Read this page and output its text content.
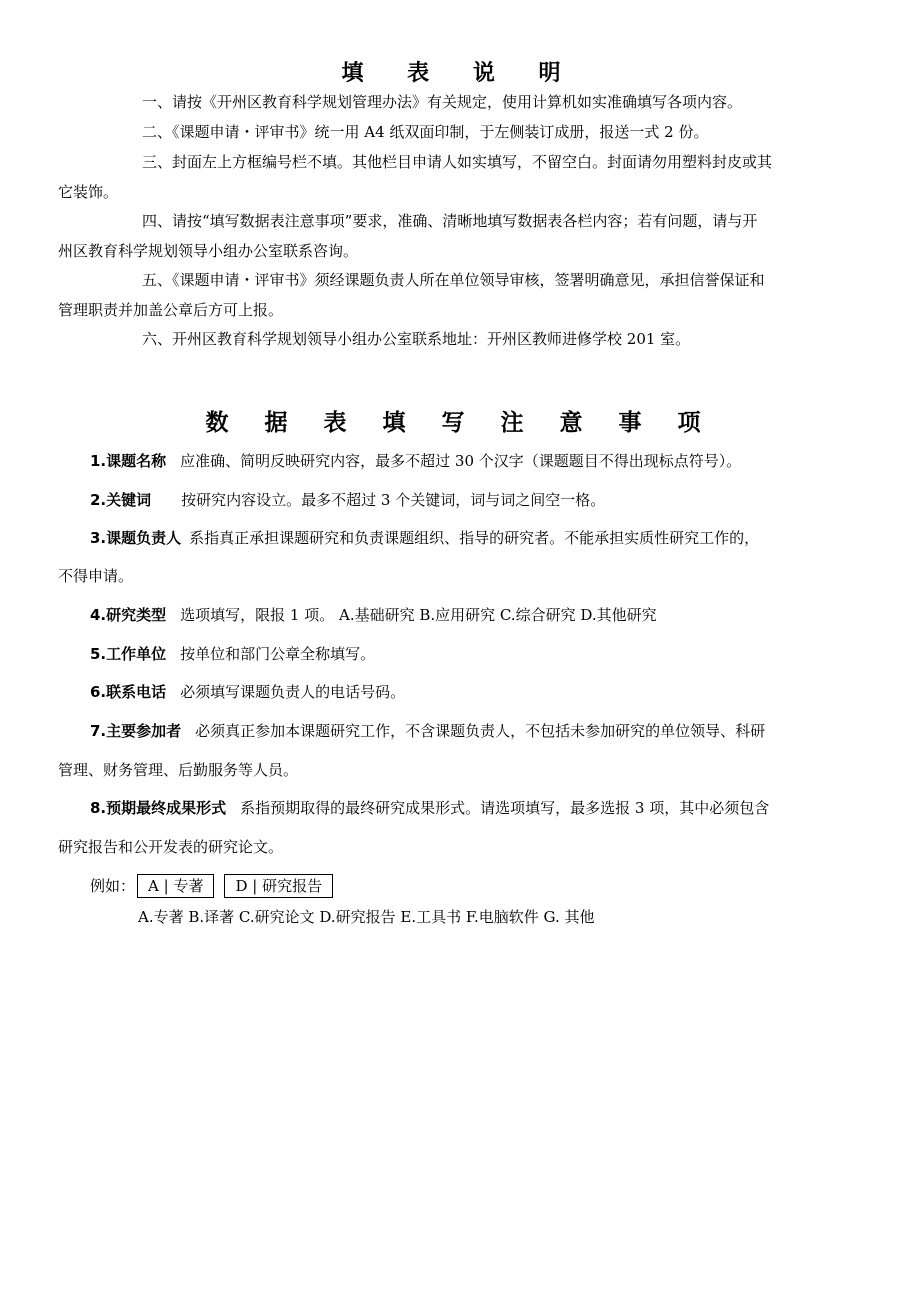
填 表 说 明
一、请按《开州区教育科学规划管理办法》有关规定，使用计算机如实准确填写各项内容。
二、《课题申请・评审书》统一用 A4 纸双面印制，于左侧装订成册，报送一式 2 份。
三、封面左上方框编号栏不填。其他栏目申请人如实填写，不留空白。封面请勿用塑料封皮或其
它装饰。
四、请按“填写数据表注意事项”要求，准确、清晰地填写数据表各栏内容；若有问题，请与开
州区教育科学规划领导小组办公室联系咨询。
五、《课题申请・评审书》须经课题负责人所在单位领导审核，签署明确意见，承担信誉保证和
管理职责并加盖公章后方可上报。
六、开州区教育科学规划领导小组办公室联系地址：开州区教师进修学校 201 室。
数 据 表 填 写 注 意 事 项
1.课题名称 应准确、简明反映研究内容，最多不超过 30 个汉字（课题题目不得出现标点符号）。
2.关键词 按研究内容设立。最多不超过 3 个关键词，词与词之间空一格。
3.课题负责人 系指真正承担课题研究和负责课题组织、指导的研究者。不能承担实质性研究工作的，
不得申请。
4.研究类型 选项填写，限报 1 项。 A.基础研究 B.应用研究 C.综合研究 D.其他研究
5.工作单位 按单位和部门公章全称填写。
6.联系电话 必须填写课题负责人的电话号码。
7.主要参加者 必须真正参加本课题研究工作，不含课题负责人，不包括未参加研究的单位领导、科研
管理、财务管理、后勤服务等人员。
8.预期最终成果形式 系指预期取得的最终研究成果形式。请选项填写，最多选报 3 项，其中必须包含
研究报告和公开发表的研究论文。
例如： A | 专著 D | 研究报告
A.专著 B.译著 C.研究论文 D.研究报告 E.工具书 F.电脑软件 G. 其他
